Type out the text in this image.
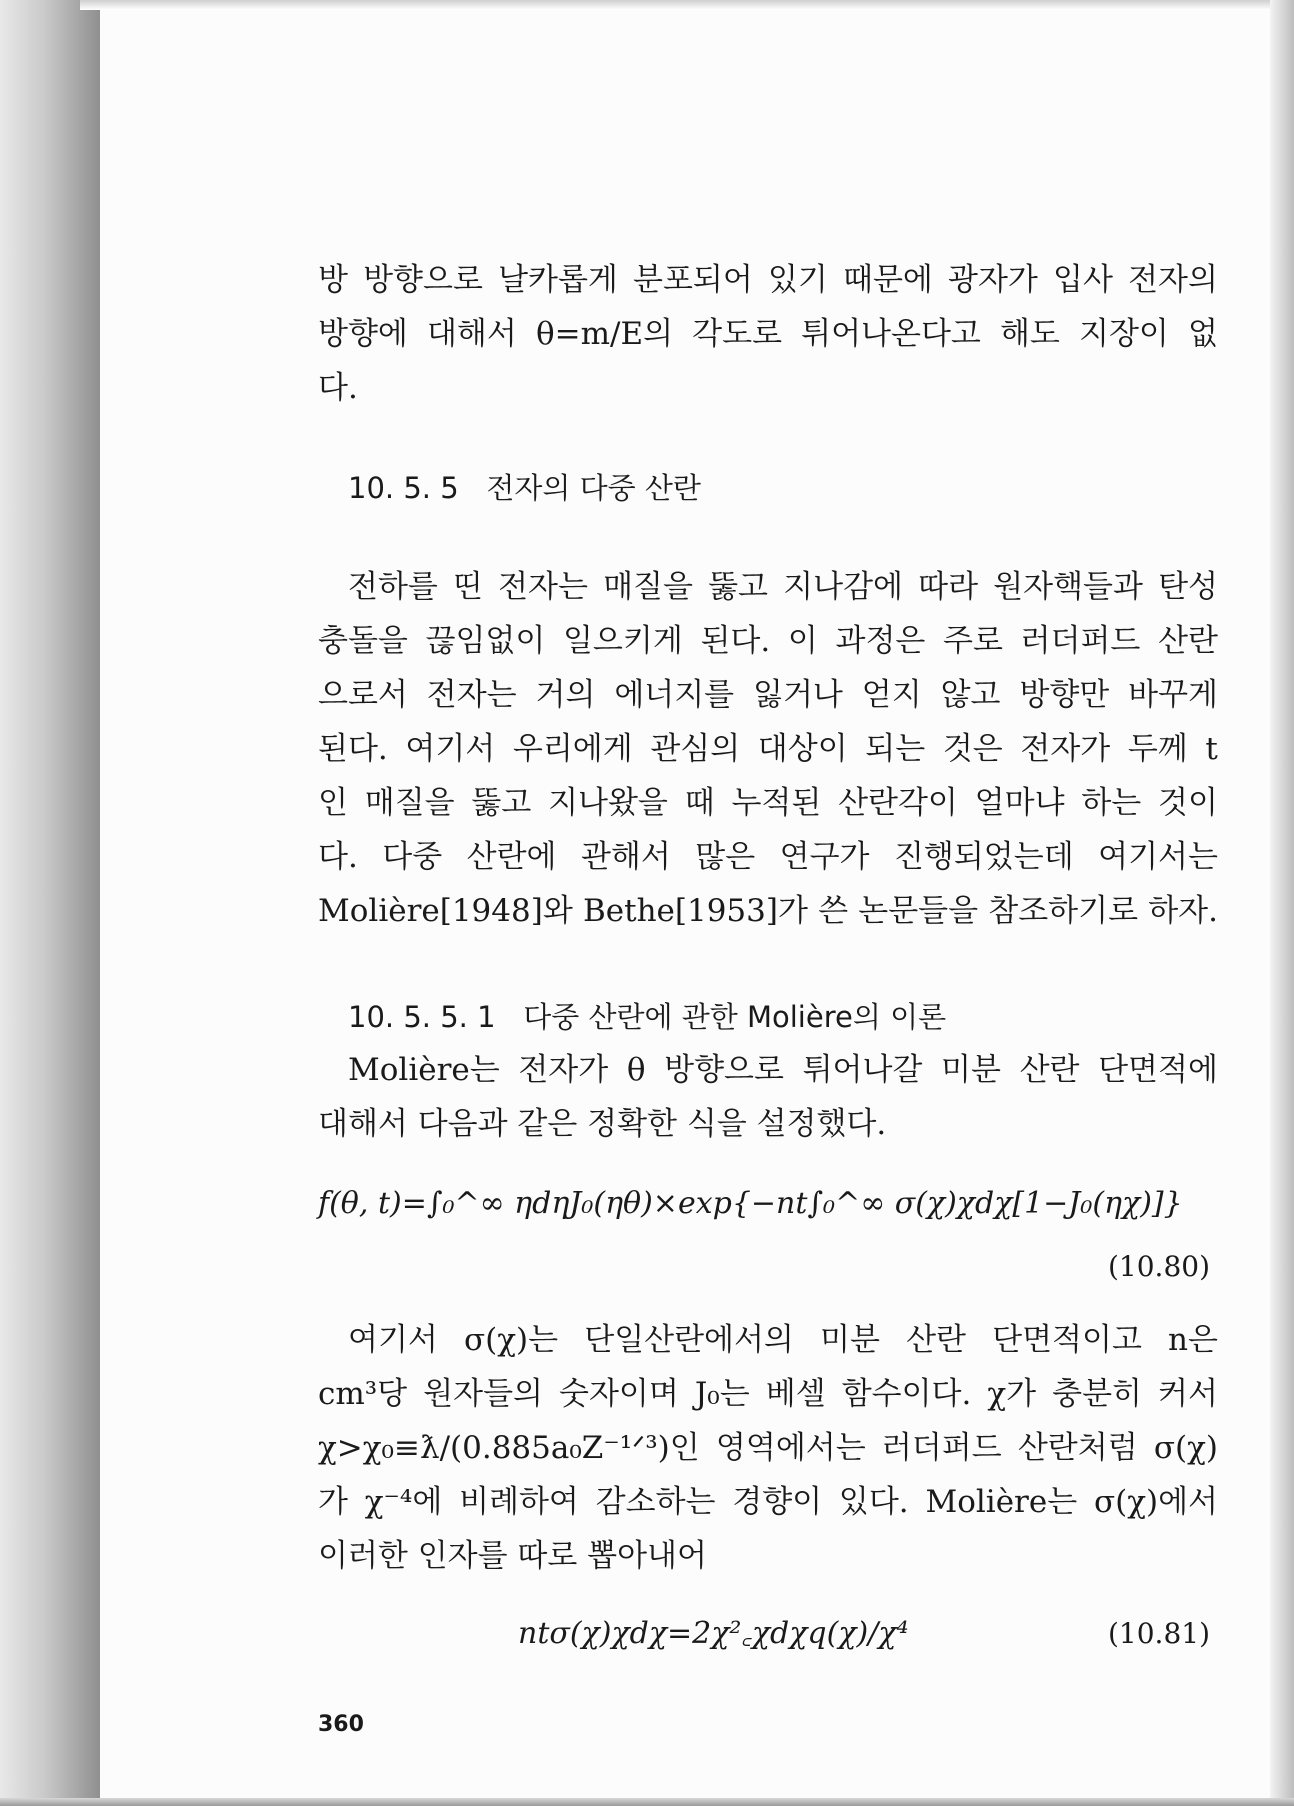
방 방향으로 날카롭게 분포되어 있기 때문에 광자가 입사 전자의
방향에 대해서 θ=m/E의 각도로 튀어나온다고 해도 지장이 없
다.
10. 5. 5 전자의 다중 산란
전하를 띤 전자는 매질을 뚫고 지나감에 따라 원자핵들과 탄성
충돌을 끊임없이 일으키게 된다. 이 과정은 주로 러더퍼드 산란
으로서 전자는 거의 에너지를 잃거나 얻지 않고 방향만 바꾸게
된다. 여기서 우리에게 관심의 대상이 되는 것은 전자가 두께 t
인 매질을 뚫고 지나왔을 때 누적된 산란각이 얼마냐 하는 것이
다. 다중 산란에 관해서 많은 연구가 진행되었는데 여기서는
Molière[1948]와 Bethe[1953]가 쓴 논문들을 참조하기로 하자.
10. 5. 5. 1 다중 산란에 관한 Molière의 이론
Molière는 전자가 θ 방향으로 튀어나갈 미분 산란 단면적에
대해서 다음과 같은 정확한 식을 설정했다.
f(θ, t)=∫₀^∞ ηdηJ₀(ηθ)×exp{−nt∫₀^∞ σ(χ)χdχ[1−J₀(ηχ)]}
(10.80)
여기서 σ(χ)는 단일산란에서의 미분 산란 단면적이고 n은
cm³당 원자들의 숫자이며 J₀는 베셀 함수이다. χ가 충분히 커서
χ>χ₀≡ƛ/(0.885a₀Z⁻¹ᐟ³)인 영역에서는 러더퍼드 산란처럼 σ(χ)
가 χ⁻⁴에 비례하여 감소하는 경향이 있다. Molière는 σ(χ)에서
이러한 인자를 따로 뽑아내어
ntσ(χ)χdχ=2χ²꜀χdχq(χ)/χ⁴	(10.81)
360
